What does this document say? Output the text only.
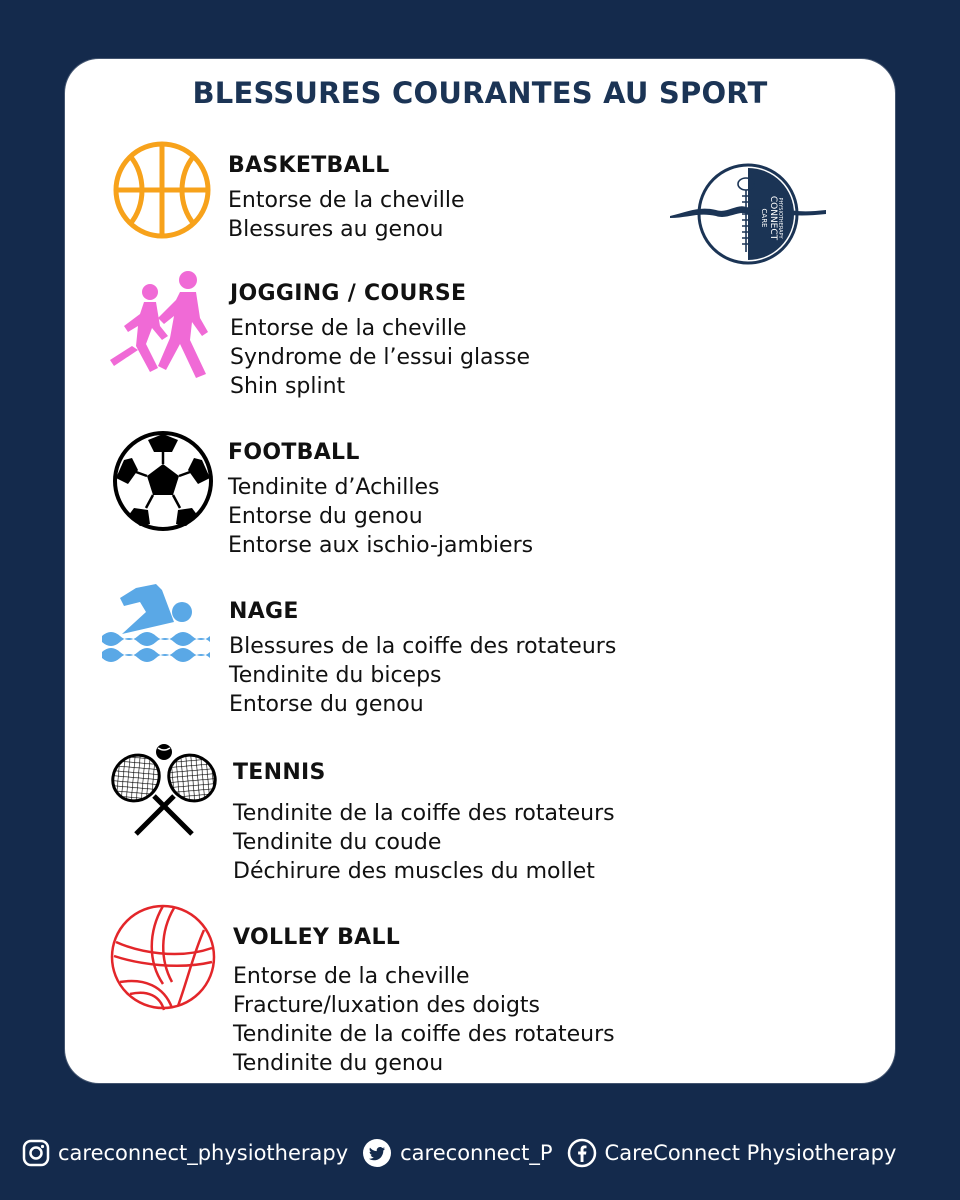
BLESSURES COURANTES AU SPORT
CARE CONNECT PHYSIOTHERAPY

BASKETBALL

Entorse de la cheville
Blessures au genou

JOGGING / COURSE

Entorse de la cheville
Syndrome de l’essui glasse
Shin splint

FOOTBALL

Tendinite d’Achilles
Entorse du genou
Entorse aux ischio-jambiers

NAGE

Blessures de la coiffe des rotateurs
Tendinite du biceps
Entorse du genou

TENNIS

Tendinite de la coiffe des rotateurs
Tendinite du coude
Déchirure des muscles du mollet

VOLLEY BALL

Entorse de la cheville
Fracture/luxation des doigts
Tendinite de la coiffe des rotateurs
Tendinite du genou
careconnect_physiotherapy careconnect_P CareConnect Physiotherapy
